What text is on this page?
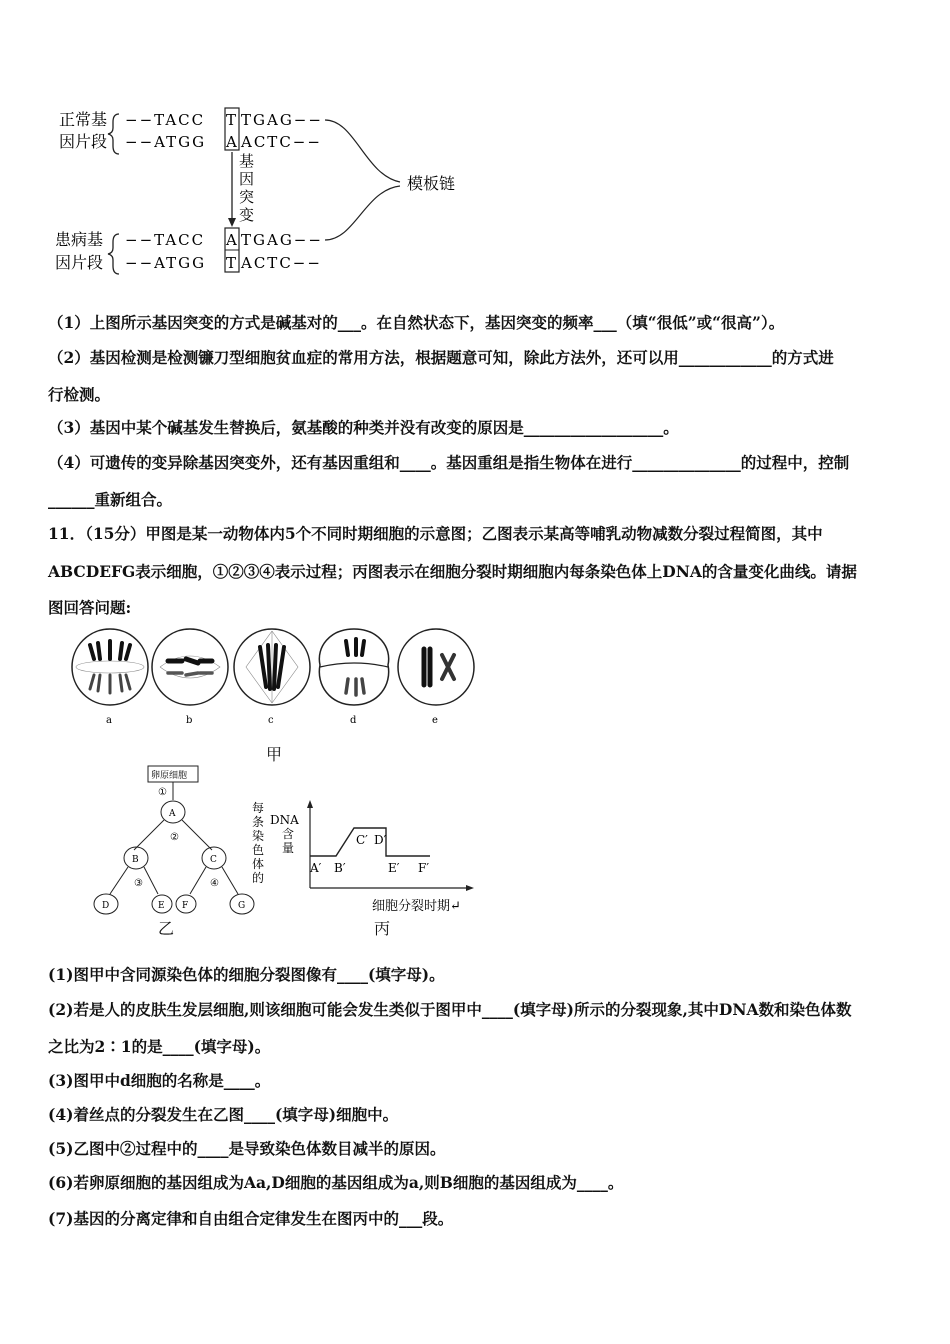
正常基
因片段
−−TACC T TGAG−−
−−ATGG A ACTC−−
基
因
突
变
模板链
患病基
因片段
−−TACC A TGAG−−
−−ATGG T ACTC−−
（1）上图所示基因突变的方式是碱基对的___。在自然状态下，基因突变的频率___（填“很低”或“很高”）。
（2）基因检测是检测镰刀型细胞贫血症的常用方法，根据题意可知，除此方法外，还可以用____________的方式进
行检测。
（3）基因中某个碱基发生替换后，氨基酸的种类并没有改变的原因是__________________。
（4）可遗传的变异除基因突变外，还有基因重组和____。基因重组是指生物体在进行______________的过程中，控制
______重新组合。
11．（15分）甲图是某一动物体内5个不同时期细胞的示意图；乙图表示某高等哺乳动物减数分裂过程简图，其中
ABCDEFG表示细胞，①②③④表示过程；丙图表示在细胞分裂时期细胞内每条染色体上DNA的含量变化曲线。请据
图回答问题:
a	b	c	d	e
甲
卵原细胞
①
A
②
B	C
③	④
D	E F	G
乙
每
条
染
色
体
的
DNA
含
量
A′ B′
C′ D′
E′ F′
细胞分裂时期↵
丙
(1)图甲中含同源染色体的细胞分裂图像有____(填字母)。
(2)若是人的皮肤生发层细胞,则该细胞可能会发生类似于图甲中____(填字母)所示的分裂现象,其中DNA数和染色体数
之比为2∶1的是____(填字母)。
(3)图甲中d细胞的名称是____。
(4)着丝点的分裂发生在乙图____(填字母)细胞中。
(5)乙图中②过程中的____是导致染色体数目减半的原因。
(6)若卵原细胞的基因组成为Aa,D细胞的基因组成为a,则B细胞的基因组成为____。
(7)基因的分离定律和自由组合定律发生在图丙中的___段。
